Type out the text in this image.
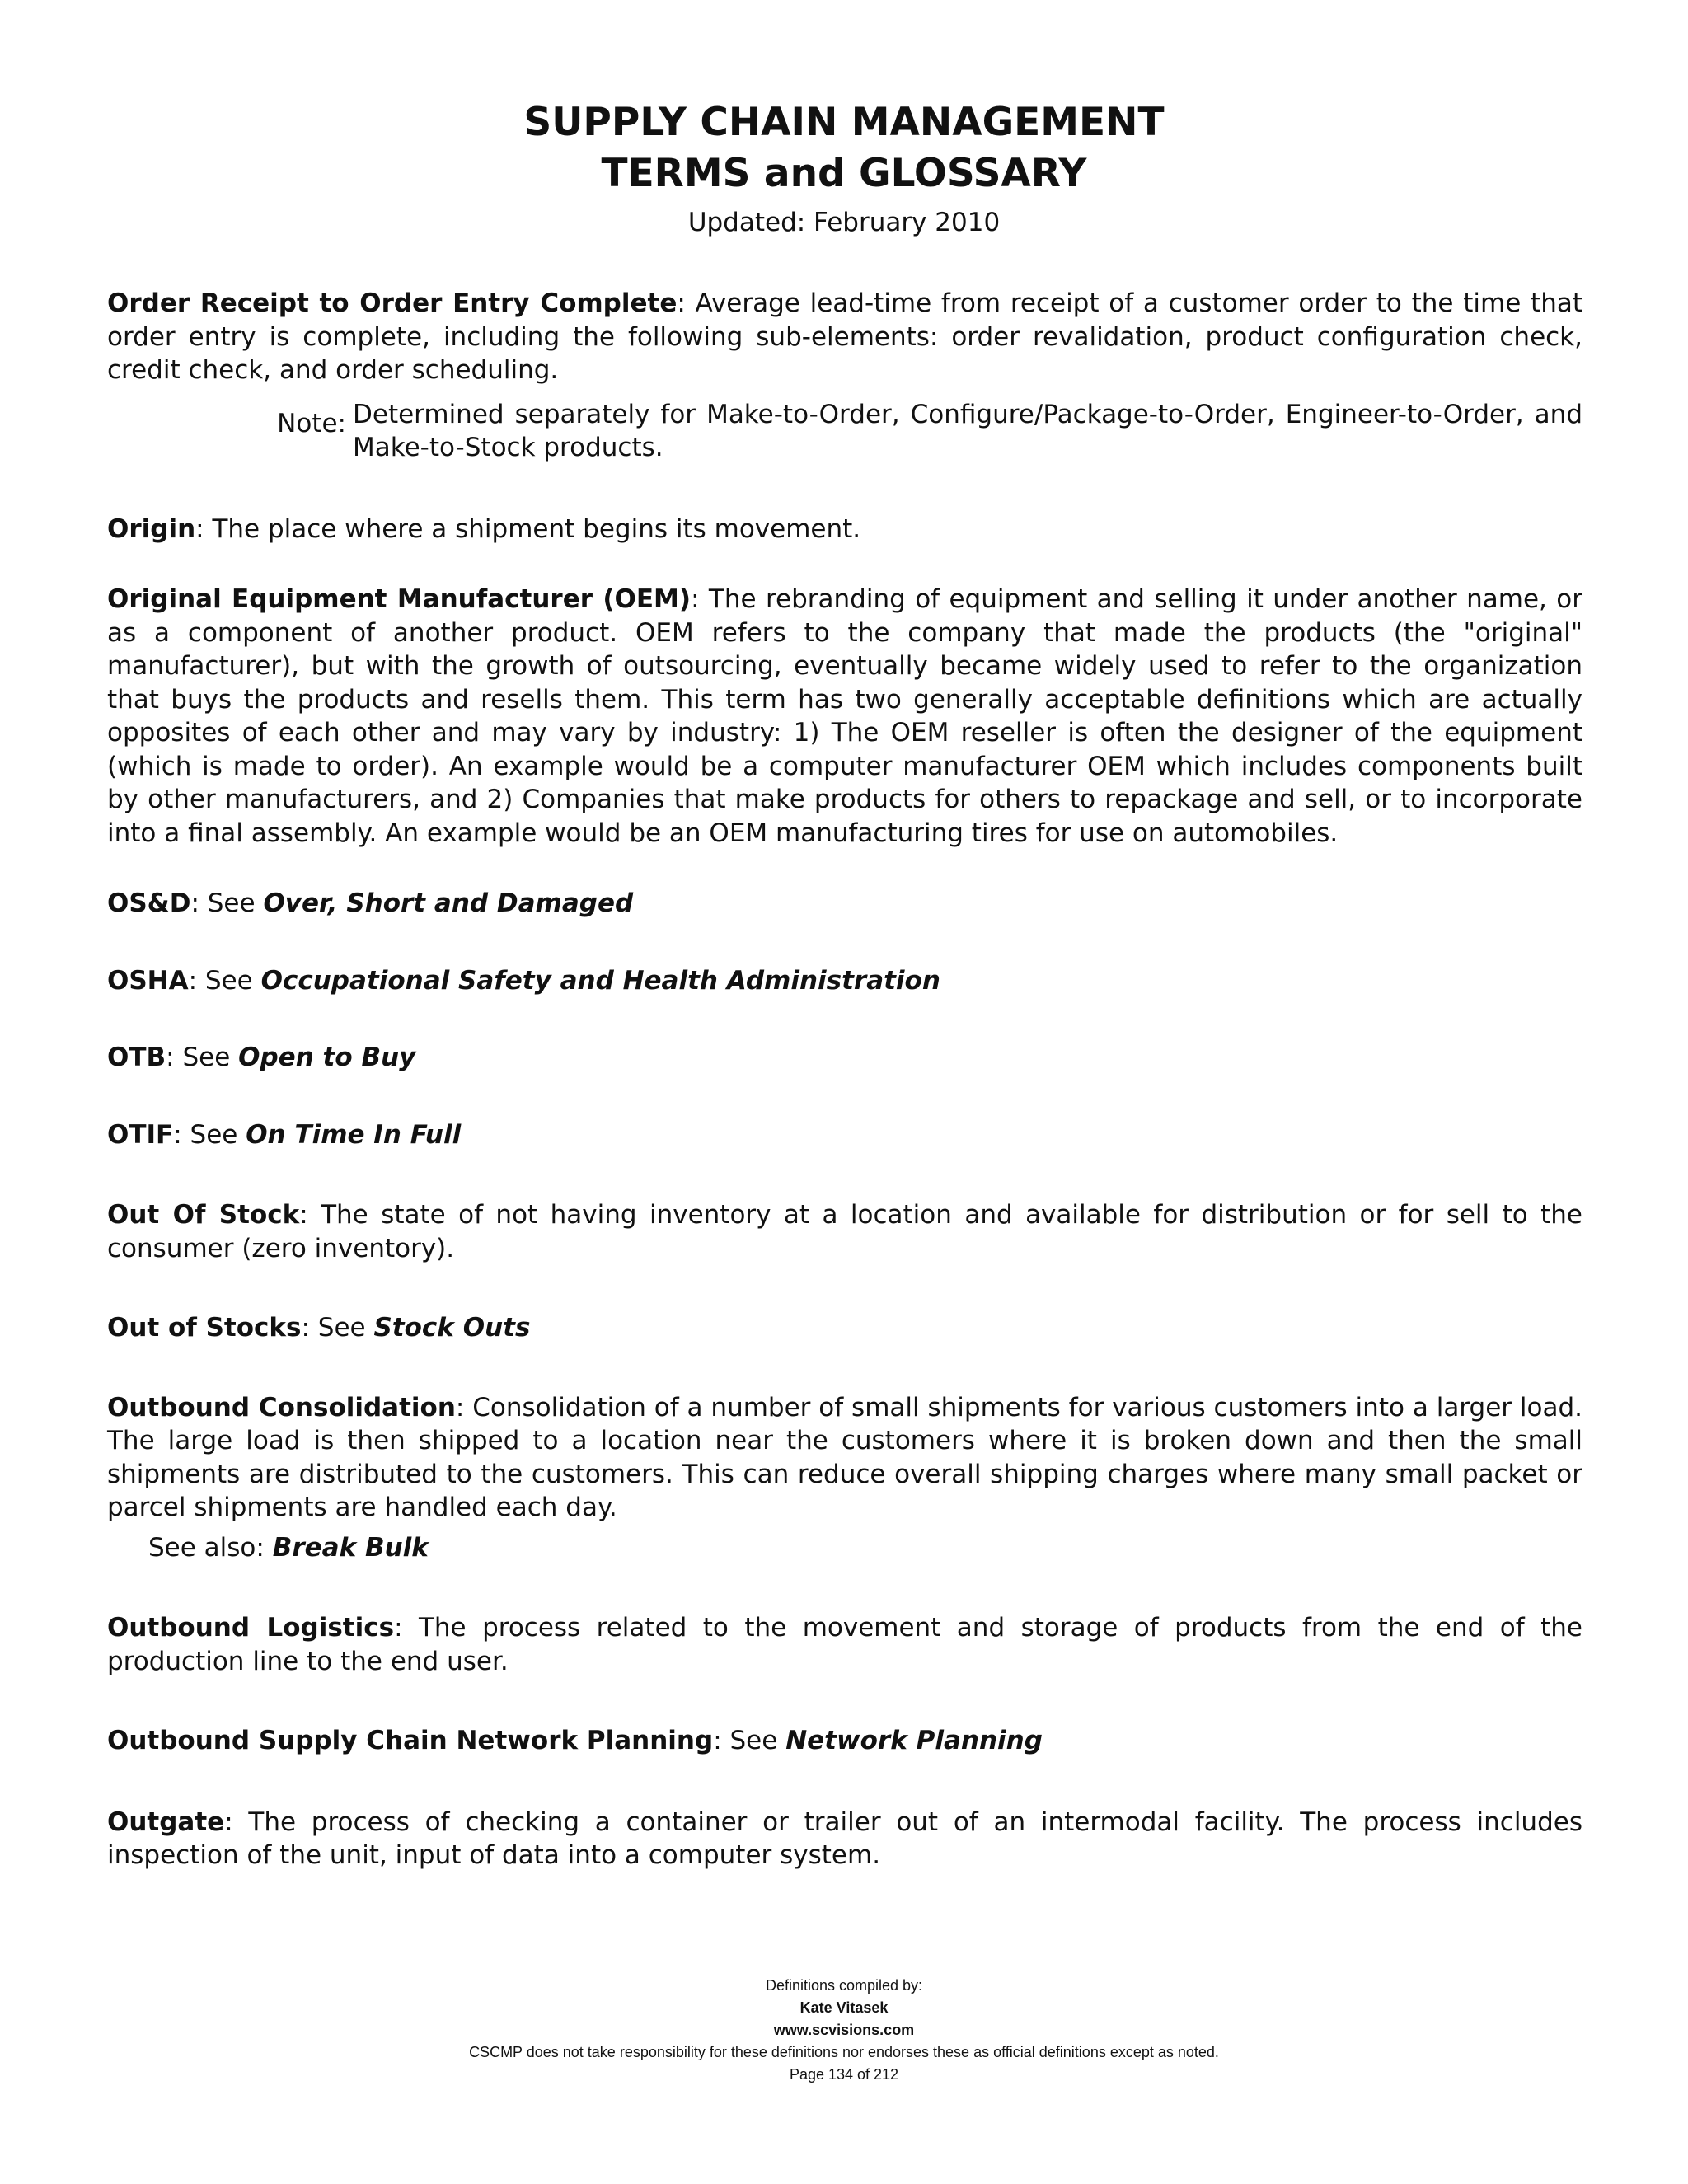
SUPPLY CHAIN MANAGEMENT
TERMS and GLOSSARY
Updated: February 2010

Order Receipt to Order Entry Complete: Average lead-time from receipt of a customer order to the time that order entry is complete, including the following sub-elements: order revalidation, product configuration check, credit check, and order scheduling.

Note: Determined separately for Make-to-Order, Configure/Package-to-Order, Engineer-to-Order, and Make-to-Stock products.

Origin: The place where a shipment begins its movement.

Original Equipment Manufacturer (OEM): The rebranding of equipment and selling it under another name, or as a component of another product. OEM refers to the company that made the products (the "original" manufacturer), but with the growth of outsourcing, eventually became widely used to refer to the organization that buys the products and resells them. This term has two generally acceptable definitions which are actually opposites of each other and may vary by industry: 1) The OEM reseller is often the designer of the equipment (which is made to order). An example would be a computer manufacturer OEM which includes components built by other manufacturers, and 2) Companies that make products for others to repackage and sell, or to incorporate into a final assembly. An example would be an OEM manufacturing tires for use on automobiles.

OS&D: See Over, Short and Damaged

OSHA: See Occupational Safety and Health Administration

OTB: See Open to Buy

OTIF: See On Time In Full

Out Of Stock: The state of not having inventory at a location and available for distribution or for sell to the consumer (zero inventory).

Out of Stocks: See Stock Outs

Outbound Consolidation: Consolidation of a number of small shipments for various customers into a larger load. The large load is then shipped to a location near the customers where it is broken down and then the small shipments are distributed to the customers. This can reduce overall shipping charges where many small packet or parcel shipments are handled each day.

See also: Break Bulk

Outbound Logistics: The process related to the movement and storage of products from the end of the production line to the end user.

Outbound Supply Chain Network Planning: See Network Planning

Outgate: The process of checking a container or trailer out of an intermodal facility. The process includes inspection of the unit, input of data into a computer system.

Definitions compiled by:
Kate Vitasek
www.scvisions.com
CSCMP does not take responsibility for these definitions nor endorses these as official definitions except as noted.
Page 134 of 212
